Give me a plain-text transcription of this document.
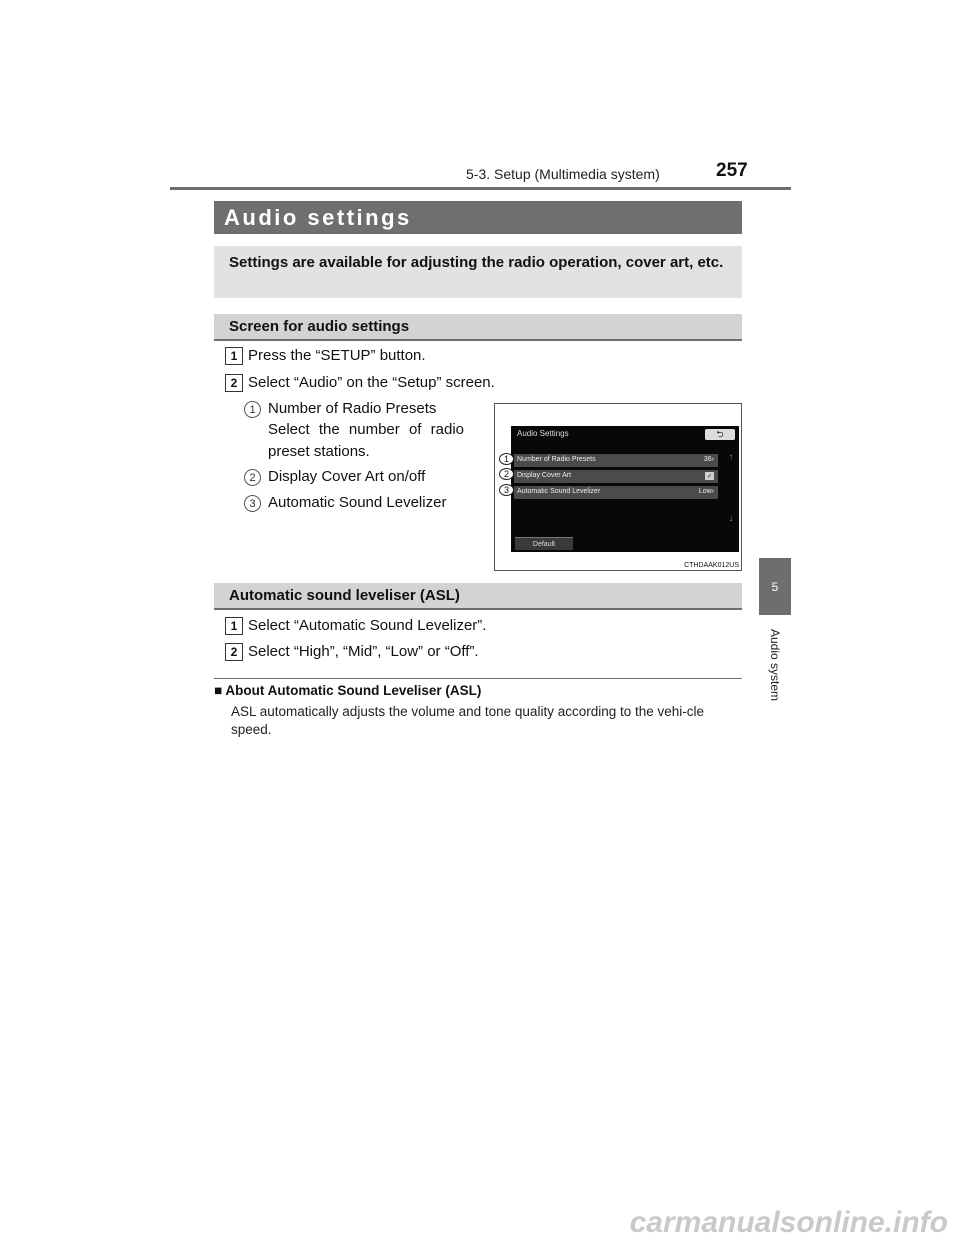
5-3. Setup (Multimedia system)	257
5
Audio system
Audio settings
Settings are available for adjusting the radio operation, cover art, etc.
Screen for audio settings
1 Press the “SETUP” button.
2 Select “Audio” on the “Setup” screen.
1 Number of Radio Presets
Select the number of radio preset stations.
2 Display Cover Art on/off
3 Automatic Sound Levelizer
Audio Settings	⮌
Number of Radio Presets	36›
Display Cover Art	✓
Automatic Sound Levelizer	Low›
↑
↓
Default
1
2
3
CTHDAAK012US
Automatic sound leveliser (ASL)
1 Select “Automatic Sound Levelizer”.
2 Select “High”, “Mid”, “Low” or “Off”.
■ About Automatic Sound Leveliser (ASL)
ASL automatically adjusts the volume and tone quality according to the vehi-cle speed.
carmanualsonline.info
